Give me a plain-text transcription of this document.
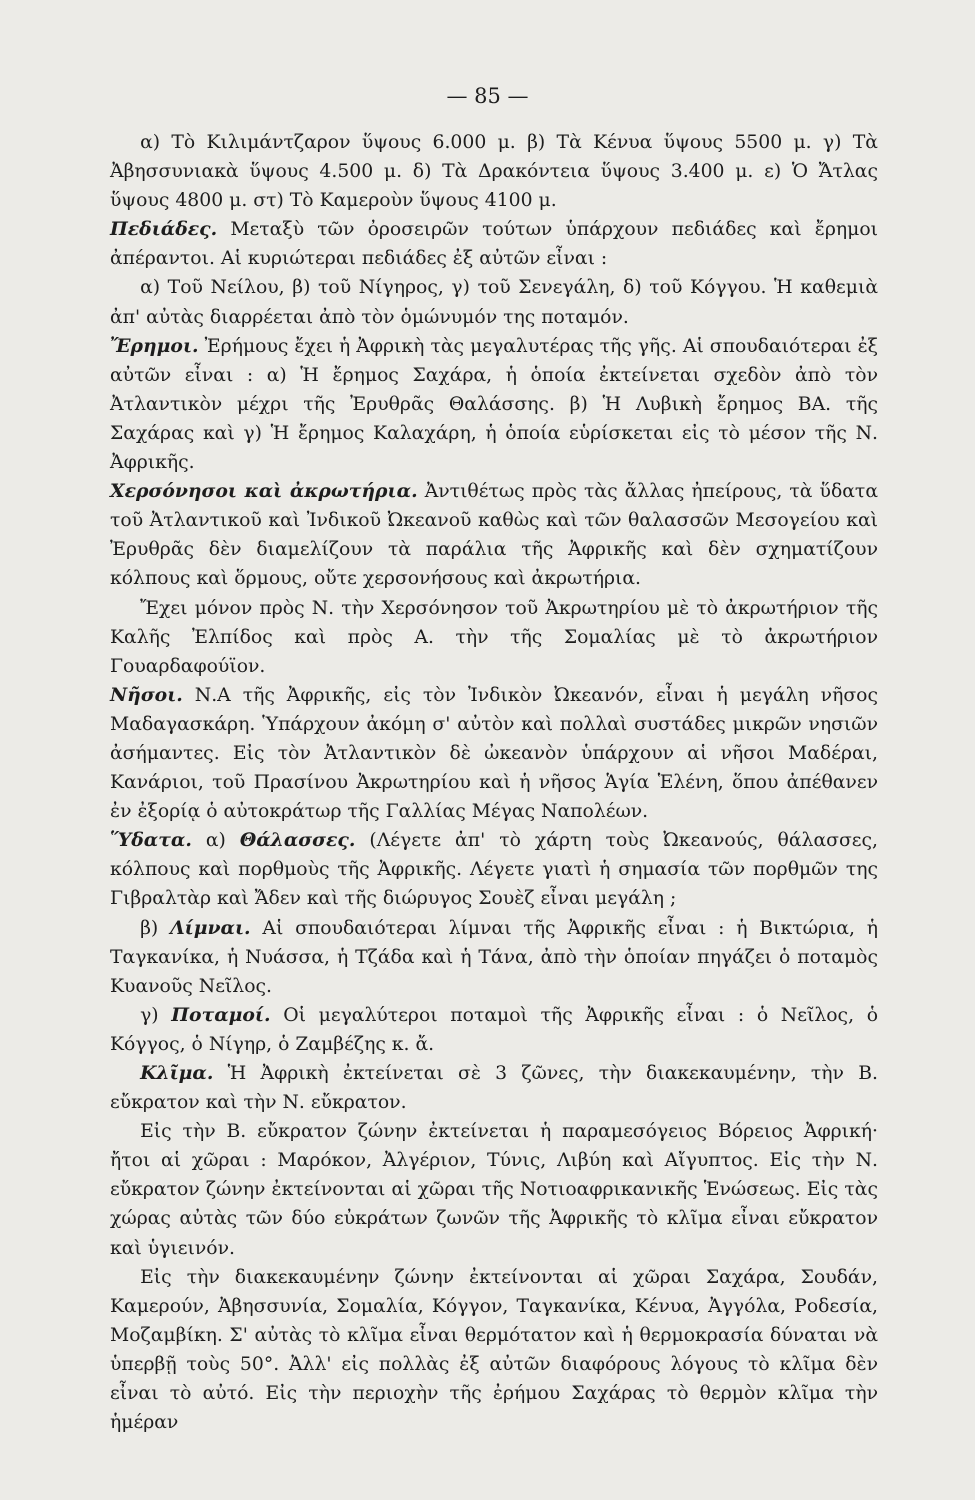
— 85 —

α) Τὸ Κιλιμάντζαρον ὕψους 6.000 μ. β) Τὰ Κένυα ὕψους 5500 μ. γ) Τὰ Ἀβησσυνιακὰ ὕψους 4.500 μ. δ) Τὰ Δρακόντεια ὕψους 3.400 μ. ε) Ὁ Ἄτλας ὕψους 4800 μ. στ) Τὸ Καμεροὺν ὕψους 4100 μ.

Πεδιάδες. Μεταξὺ τῶν ὀροσειρῶν τούτων ὑπάρχουν πεδιάδες καὶ ἔρημοι ἀπέραντοι. Αἱ κυριώτεραι πεδιάδες ἐξ αὐτῶν εἶναι :

α) Τοῦ Νείλου, β) τοῦ Νίγηρος, γ) τοῦ Σενεγάλη, δ) τοῦ Κόγγου. Ἡ καθεμιὰ ἀπ' αὐτὰς διαρρέεται ἀπὸ τὸν ὁμώνυμόν της ποταμόν.

Ἔρημοι. Ἐρήμους ἔχει ἡ Ἀφρικὴ τὰς μεγαλυτέρας τῆς γῆς. Αἱ σπουδαιότεραι ἐξ αὐτῶν εἶναι : α) Ἡ ἔρημος Σαχάρα, ἡ ὁποία ἐκτείνεται σχεδὸν ἀπὸ τὸν Ἀτλαντικὸν μέχρι τῆς Ἐρυθρᾶς Θαλάσσης. β) Ἡ Λυβικὴ ἔρημος ΒΑ. τῆς Σαχάρας καὶ γ) Ἡ ἔρημος Καλαχάρη, ἡ ὁποία εὑρίσκεται εἰς τὸ μέσον τῆς Ν. Ἀφρικῆς.

Χερσόνησοι καὶ ἀκρωτήρια. Ἀντιθέτως πρὸς τὰς ἄλλας ἠπείρους, τὰ ὕδατα τοῦ Ἀτλαντικοῦ καὶ Ἰνδικοῦ Ὠκεανοῦ καθὼς καὶ τῶν θαλασσῶν Μεσογείου καὶ Ἐρυθρᾶς δὲν διαμελίζουν τὰ παράλια τῆς Ἀφρικῆς καὶ δὲν σχηματίζουν κόλπους καὶ ὅρμους, οὔτε χερσονήσους καὶ ἀκρωτήρια.

Ἔχει μόνον πρὸς Ν. τὴν Χερσόνησον τοῦ Ἀκρωτηρίου μὲ τὸ ἀκρωτήριον τῆς Καλῆς Ἐλπίδος καὶ πρὸς Α. τὴν τῆς Σομαλίας μὲ τὸ ἀκρωτήριον Γουαρδαφούϊον.

Νῆσοι. Ν.Α τῆς Ἀφρικῆς, εἰς τὸν Ἰνδικὸν Ὠκεανόν, εἶναι ἡ μεγάλη νῆσος Μαδαγασκάρη. Ὑπάρχουν ἀκόμη σ' αὐτὸν καὶ πολλαὶ συστάδες μικρῶν νησιῶν ἀσήμαντες. Εἰς τὸν Ἀτλαντικὸν δὲ ὠκεανὸν ὑπάρχουν αἱ νῆσοι Μαδέραι, Κανάριοι, τοῦ Πρασίνου Ἀκρωτηρίου καὶ ἡ νῆσος Ἁγία Ἑλένη, ὅπου ἀπέθανεν ἐν ἐξορίᾳ ὁ αὐτοκράτωρ τῆς Γαλλίας Μέγας Ναπολέων.

Ὕδατα. α) Θάλασσες. (Λέγετε ἀπ' τὸ χάρτη τοὺς Ὠκεανούς, θάλασσες, κόλπους καὶ πορθμοὺς τῆς Ἀφρικῆς. Λέγετε γιατὶ ἡ σημασία τῶν πορθμῶν της Γιβραλτὰρ καὶ Ἄδεν καὶ τῆς διώρυγος Σουὲζ εἶναι μεγάλη ;

β) Λίμναι. Αἱ σπουδαιότεραι λίμναι τῆς Ἀφρικῆς εἶναι : ἡ Βικτώρια, ἡ Ταγκανίκα, ἡ Νυάσσα, ἡ Τζάδα καὶ ἡ Τάνα, ἀπὸ τὴν ὁποίαν πηγάζει ὁ ποταμὸς Κυανοῦς Νεῖλος.

γ) Ποταμοί. Οἱ μεγαλύτεροι ποταμοὶ τῆς Ἀφρικῆς εἶναι : ὁ Νεῖλος, ὁ Κόγγος, ὁ Νίγηρ, ὁ Ζαμβέζης κ. ἄ.

Κλῖμα. Ἡ Ἀφρικὴ ἐκτείνεται σὲ 3 ζῶνες, τὴν διακεκαυμένην, τὴν Β. εὔκρατον καὶ τὴν Ν. εὔκρατον.

Εἰς τὴν Β. εὔκρατον ζώνην ἐκτείνεται ἡ παραμεσόγειος Βόρειος Ἀφρική· ἤτοι αἱ χῶραι : Μαρόκον, Ἀλγέριον, Τύνις, Λιβύη καὶ Αἴγυπτος. Εἰς τὴν Ν. εὔκρατον ζώνην ἐκτείνονται αἱ χῶραι τῆς Νοτιοαφρικανικῆς Ἑνώσεως. Εἰς τὰς χώρας αὐτὰς τῶν δύο εὐκράτων ζωνῶν τῆς Ἀφρικῆς τὸ κλῖμα εἶναι εὔκρατον καὶ ὑγιεινόν.

Εἰς τὴν διακεκαυμένην ζώνην ἐκτείνονται αἱ χῶραι Σαχάρα, Σουδάν, Καμερούν, Ἀβησσυνία, Σομαλία, Κόγγον, Ταγκανίκα, Κένυα, Ἀγγόλα, Ροδεσία, Μοζαμβίκη. Σ' αὐτὰς τὸ κλῖμα εἶναι θερμότατον καὶ ἡ θερμοκρασία δύναται νὰ ὑπερβῇ τοὺς 50°. Ἀλλ' εἰς πολλὰς ἐξ αὐτῶν διαφόρους λόγους τὸ κλῖμα δὲν εἶναι τὸ αὐτό. Εἰς τὴν περιοχὴν τῆς ἐρήμου Σαχάρας τὸ θερμὸν κλῖμα τὴν ἡμέραν
